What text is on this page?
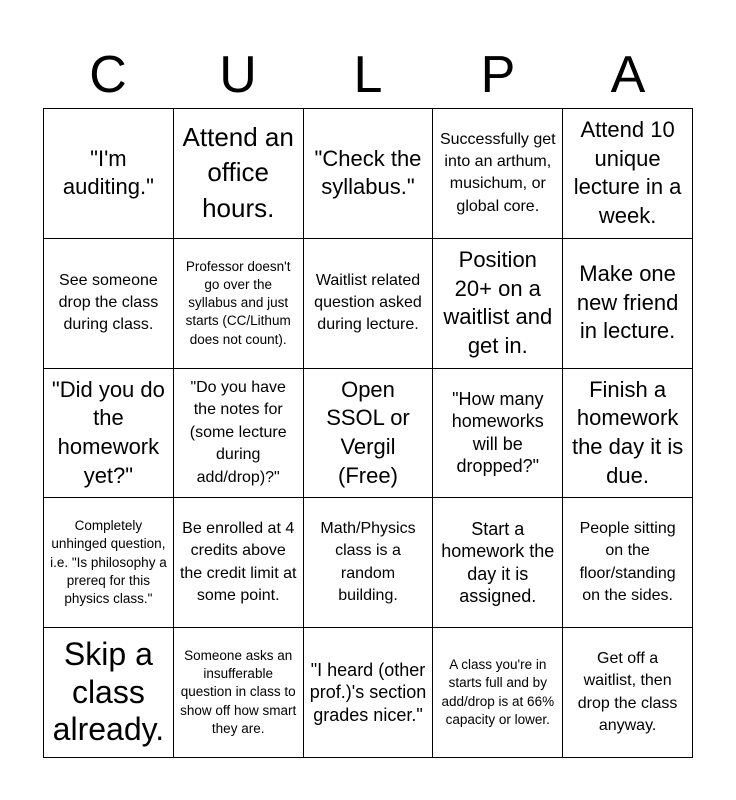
C	U	L	P	A
"I'm auditing."
Attend an office hours.
"Check the syllabus."
Successfully get into an arthum, musichum, or global core.
Attend 10 unique lecture in a week.
See someone drop the class during class.
Professor doesn't go over the syllabus and just starts (CC/Lithum does not count).
Waitlist related question asked during lecture.
Position 20+ on a waitlist and get in.
Make one new friend in lecture.
"Did you do the homework yet?"
"Do you have the notes for (some lecture during add/drop)?"
Open SSOL or Vergil (Free)
"How many homeworks will be dropped?"
Finish a homework the day it is due.
Completely unhinged question, i.e. "Is philosophy a prereq for this physics class."
Be enrolled at 4 credits above the credit limit at some point.
Math/Physics class is a random building.
Start a homework the day it is assigned.
People sitting on the floor/standing on the sides.
Skip a class already.
Someone asks an insufferable question in class to show off how smart they are.
"I heard (other prof.)'s section grades nicer."
A class you're in starts full and by add/drop is at 66% capacity or lower.
Get off a waitlist, then drop the class anyway.
